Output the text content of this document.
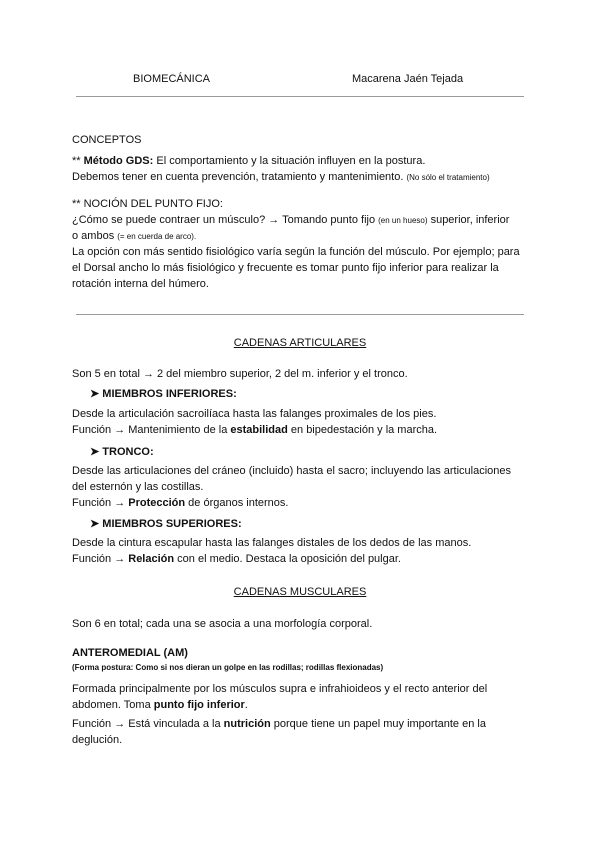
BIOMECÁNICA	Macarena Jaén Tejada
CONCEPTOS
** Método GDS: El comportamiento y la situación influyen en la postura.
Debemos tener en cuenta prevención, tratamiento y mantenimiento. (No sólo el tratamiento)
** NOCIÓN DEL PUNTO FIJO:
¿Cómo se puede contraer un músculo? → Tomando punto fijo (en un hueso) superior, inferior
o ambos (= en cuerda de arco).
La opción con más sentido fisiológico varía según la función del músculo. Por ejemplo; para
el Dorsal ancho lo más fisiológico y frecuente es tomar punto fijo inferior para realizar la
rotación interna del húmero.
CADENAS ARTICULARES
Son 5 en total → 2 del miembro superior, 2 del m. inferior y el tronco.
➤ MIEMBROS INFERIORES:
Desde la articulación sacroilíaca hasta las falanges proximales de los pies.
Función → Mantenimiento de la estabilidad en bipedestación y la marcha.
➤ TRONCO:
Desde las articulaciones del cráneo (incluido) hasta el sacro; incluyendo las articulaciones
del esternón y las costillas.
Función → Protección de órganos internos.
➤ MIEMBROS SUPERIORES:
Desde la cintura escapular hasta las falanges distales de los dedos de las manos.
Función → Relación con el medio. Destaca la oposición del pulgar.
CADENAS MUSCULARES
Son 6 en total; cada una se asocia a una morfología corporal.
ANTEROMEDIAL (AM)
(Forma postura: Como si nos dieran un golpe en las rodillas; rodillas flexionadas)
Formada principalmente por los músculos supra e infrahioideos y el recto anterior del
abdomen. Toma punto fijo inferior.
Función → Está vinculada a la nutrición porque tiene un papel muy importante en la
deglución.
